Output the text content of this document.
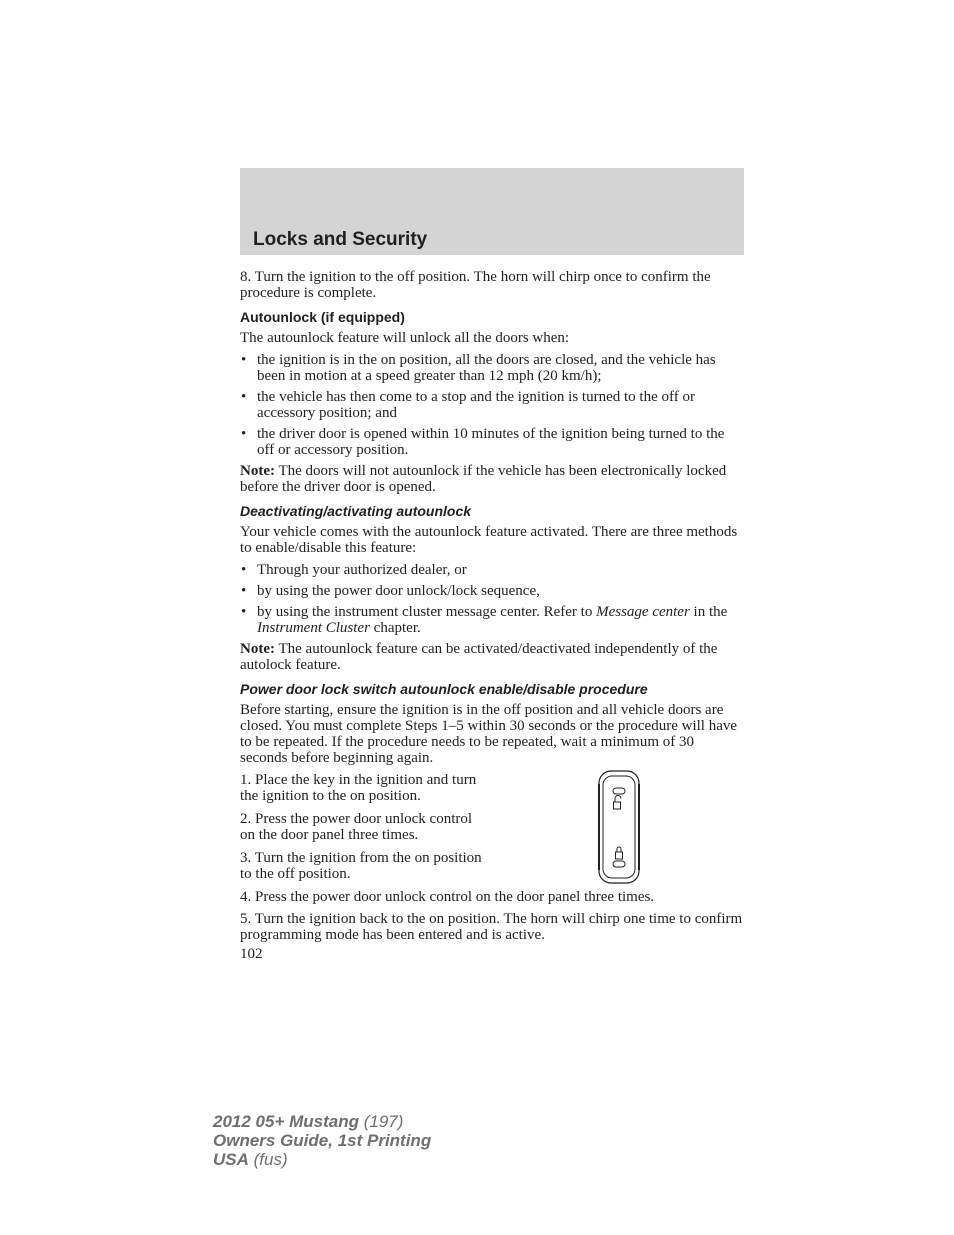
Locks and Security

8. Turn the ignition to the off position. The horn will chirp once to confirm the procedure is complete.

Autounlock (if equipped)

The autounlock feature will unlock all the doors when:

• the ignition is in the on position, all the doors are closed, and the vehicle has been in motion at a speed greater than 12 mph (20 km/h);
• the vehicle has then come to a stop and the ignition is turned to the off or accessory position; and
• the driver door is opened within 10 minutes of the ignition being turned to the off or accessory position.

Note: The doors will not autounlock if the vehicle has been electronically locked before the driver door is opened.

Deactivating/activating autounlock

Your vehicle comes with the autounlock feature activated. There are three methods to enable/disable this feature:

• Through your authorized dealer, or
• by using the power door unlock/lock sequence,
• by using the instrument cluster message center. Refer to Message center in the Instrument Cluster chapter.

Note: The autounlock feature can be activated/deactivated independently of the autolock feature.

Power door lock switch autounlock enable/disable procedure

Before starting, ensure the ignition is in the off position and all vehicle doors are closed. You must complete Steps 1–5 within 30 seconds or the procedure will have to be repeated. If the procedure needs to be repeated, wait a minimum of 30 seconds before beginning again.

1. Place the key in the ignition and turn the ignition to the on position.

2. Press the power door unlock control on the door panel three times.

3. Turn the ignition from the on position to the off position.

4. Press the power door unlock control on the door panel three times.

5. Turn the ignition back to the on position. The horn will chirp one time to confirm programming mode has been entered and is active.

102
2012 05+ Mustang (197)
Owners Guide, 1st Printing
USA (fus)
